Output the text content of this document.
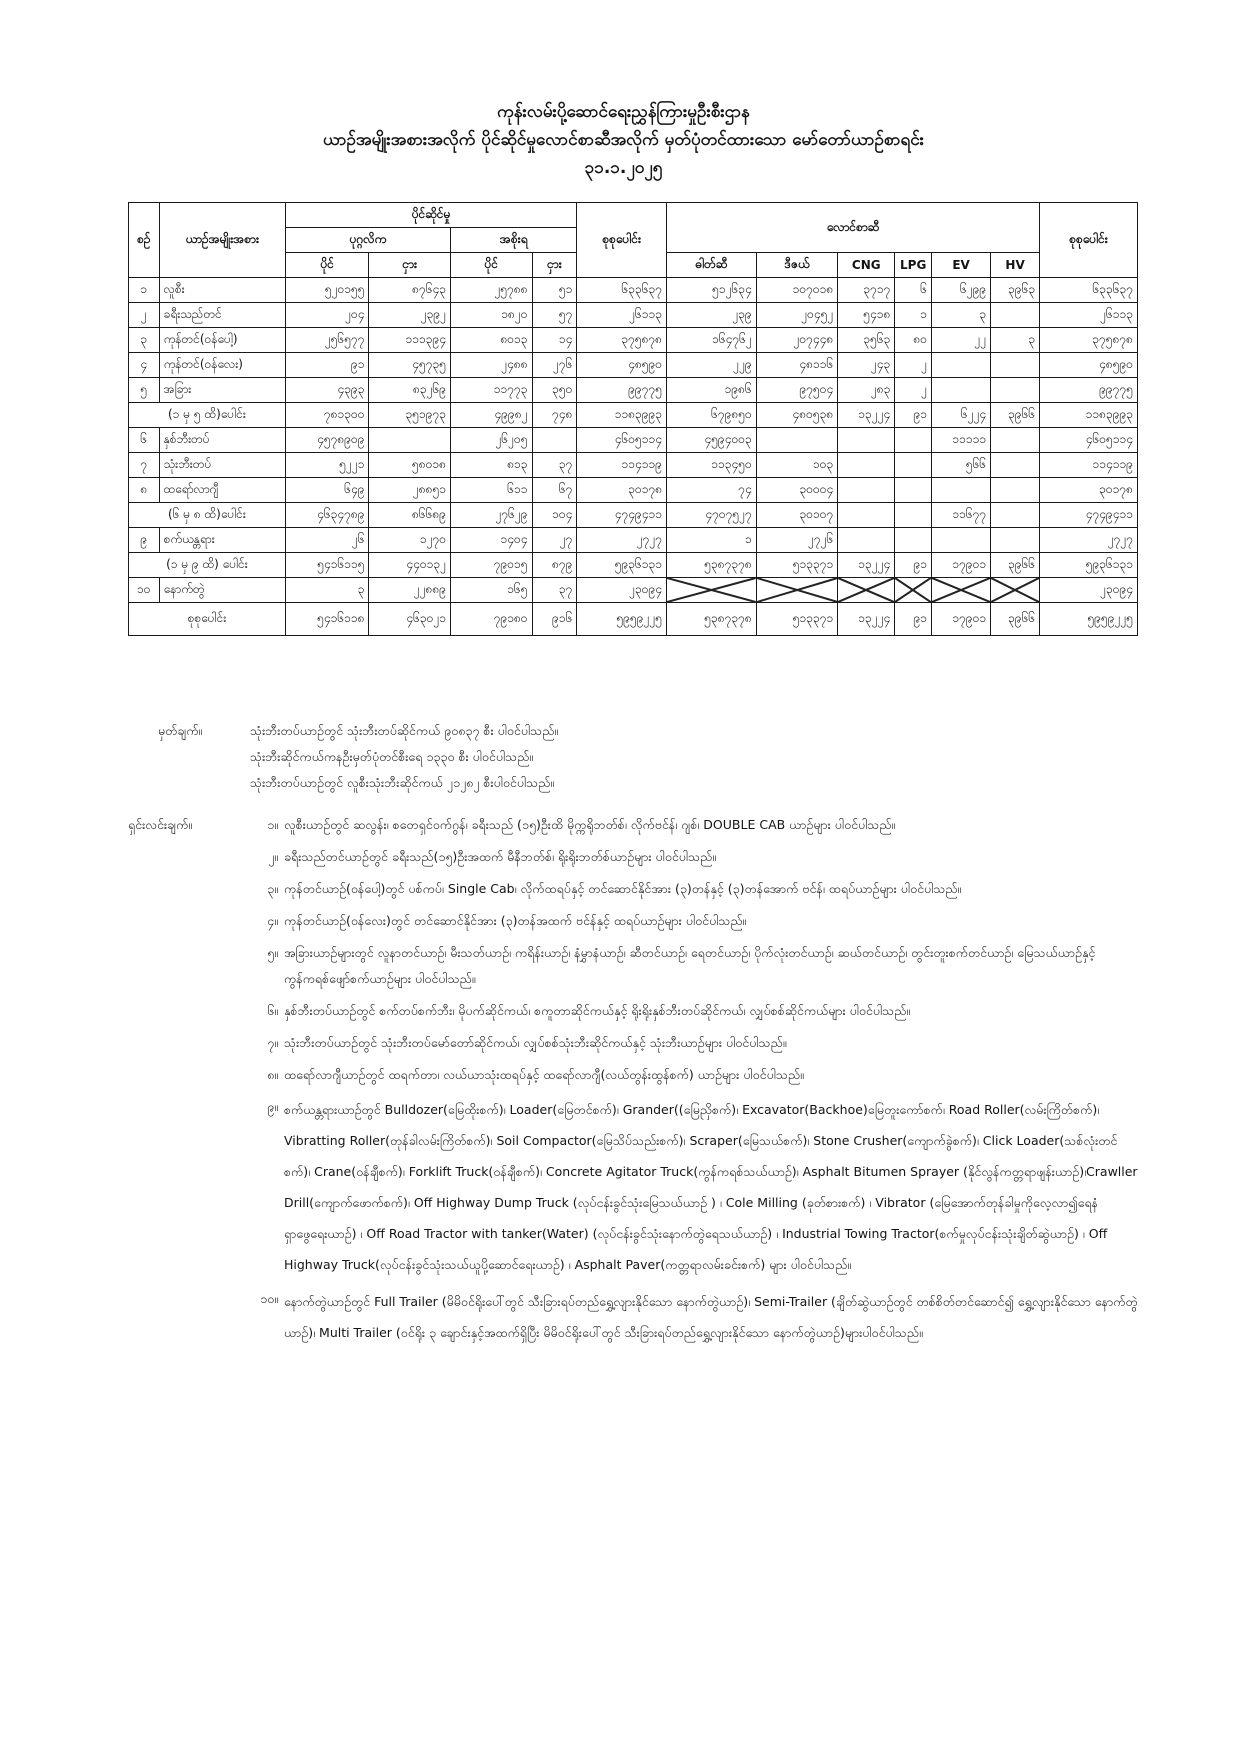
ကုန်းလမ်းပို့ဆောင်ရေးညွှန်ကြားမှုဦးစီးဌာန
ယာဉ်အမျိုးအစားအလိုက် ပိုင်ဆိုင်မှုလောင်စာဆီအလိုက် မှတ်ပုံတင်ထားသော မော်တော်ယာဉ်စာရင်း
၃၁.၁.၂၀၂၅
စဉ်	ယာဉ်အမျိုးအစား	ပိုင်ဆိုင်မှု				စုစုပေါင်း	လောင်စာဆီ						စုစုပေါင်း
		ပုဂ္ဂလိက		အစိုးရ									
		ပိုင်	ငှား	ပိုင်	ငှား		ဓါတ်ဆီ	ဒီဇယ်	CNG	LPG	EV	HV	
၁	လူစီး	၅၂၀၁၅၅	၈၇၆၄၃	၂၅၇၈၈	၅၁	၆၃၃၆၃၇	၅၁၂၆၃၄	၁၀၇၀၁၈	၃၇၁၇	၆	၆၂၉၉	၃၉၆၃	၆၃၃၆၃၇
၂	ခရီးသည်တင်	၂၀၄	၂၃၉၂	၁၈၂၀	၅၇	၂၆၁၁၃	၂၃၉	၂၀၄၅၂	၅၄၁၈	၁	၃		၂၆၁၁၃
၃	ကုန်တင်(ဝန်ပေါ့)	၂၅၆၅၇၇	၁၁၁၃၉၄	၈၀၁၃	၁၄	၃၇၅၈၇၈	၁၆၄၇၆၂	၂၀၇၄၄၈	၃၅၆၃	၈၀	၂၂	၃	၃၇၅၈၇၈
၄	ကုန်တင်(ဝန်လေး)	၉၁	၄၅၇၃၅	၂၄၈၈	၂၇၆	၄၈၅၉၀	၂၂၉	၄၈၁၁၆	၂၄၃	၂			၄၈၅၉၀
၅	အခြား	၄၃၉၃	၈၃၂၆၉	၁၁၇၇၃	၃၅၀	၉၉၇၇၅	၁၉၈၆	၉၇၅၀၄	၂၈၃	၂			၉၉၇၇၅
(၁ မှ ၅ ထိ)ပေါင်း		၇၈၁၃၀၀	၃၅၁၉၇၃	၄၉၉၈၂	၇၄၈	၁၁၈၃၉၉၃	၆၇၉၈၅၀	၄၈၀၅၃၈	၁၃၂၂၄	၉၁	၆၂၂၄	၃၉၆၆	၁၁၈၃၉၉၃
၆	နှစ်ဘီးတပ်	၄၅၇၈၉၀၉		၂၆၂၀၅		၄၆၀၅၁၁၄	၄၅၉၄၀၀၃				၁၁၁၁၁		၄၆၀၅၁၁၄
၇	သုံးဘီးတပ်	၅၂၂၁	၅၈၀၁၈	၈၁၃	၃၇	၁၁၄၁၁၉	၁၁၃၄၅၀	၁၀၃			၅၆၆		၁၁၄၁၁၉
၈	ထရော်လာဂျီ	၆၄၉	၂၈၈၅၁	၆၁၁	၆၇	၃၀၁၇၈	၇၄	၃၀၀၀၄					၃၀၁၇၈
(၆ မှ ၈ ထိ)ပေါင်း		၄၆၃၄၇၈၉	၈၆၆၈၉	၂၇၆၂၉	၁၀၄	၄၇၄၉၄၁၁	၄၇၀၇၅၂၇	၃၀၁၀၇			၁၁၆၇၇		၄၇၄၉၄၁၁
၉	စက်ယန္တရား	၂၆	၁၂၇၀	၁၄၀၄	၂၇	၂၇၂၇	၁	၂၇၂၆					၂၇၂၇
(၁ မှ ၉ ထိ) ပေါင်း		၅၄၁၆၁၁၅	၄၄၀၁၃၂	၇၉၀၁၅	၈၇၉	၅၉၃၆၁၃၁	၅၃၈၇၃၇၈	၅၁၃၃၇၁	၁၃၂၂၄	၉၁	၁၇၉၀၁	၃၉၆၆	၅၉၃၆၁၃၁
၁၀	နောက်တွဲ	၃	၂၂၈၈၉	၁၆၅	၃၇	၂၃၀၉၄							၂၃၀၉၄
စုစုပေါင်း		၅၄၁၆၁၁၈	၄၆၃၀၂၁	၇၉၁၈၀	၉၁၆	၅၉၅၉၂၂၅	၅၃၈၇၃၇၈	၅၁၃၃၇၁	၁၃၂၂၄	၉၁	၁၇၉၀၁	၃၉၆၆	၅၉၅၉၂၂၅
မှတ်ချက်။	သုံးဘီးတပ်ယာဉ်တွင် သုံးဘီးတပ်ဆိုင်ကယ် ၉၀၈၃၇ စီး ပါဝင်ပါသည်။
သုံးဘီးဆိုင်ကယ်ကနဦးမှတ်ပုံတင်စီးရေ ၁၃၃၀ စီး ပါဝင်ပါသည်။
သုံးဘီးတပ်ယာဉ်တွင် လူစီးသုံးဘီးဆိုင်ကယ် ၂၁၂၈၂ စီးပါဝင်ပါသည်။
ရှင်းလင်းချက်။	၁။ လူစီးယာဉ်တွင် ဆလွန်း၊ စတေရှင်ဝက်ဂွန်၊ ခရီးသည် (၁၅)ဦးထိ မိုက္ကရိုဘတ်စ်၊ လိုက်ဗင်န်၊ ဂျစ်၊ DOUBLE CAB ယာဉ်များ ပါဝင်ပါသည်။
၂။ ခရီးသည်တင်ယာဉ်တွင် ခရီးသည်(၁၅)ဦးအထက် မီနီဘတ်စ်၊ ရိုးရိုးဘတ်စ်ယာဉ်များ ပါဝင်ပါသည်။
၃။ ကုန်တင်ယာဉ်(ဝန်ပေါ့)တွင် ပစ်ကပ်၊ Single Cab၊ လိုက်ထရပ်နှင့် တင်ဆောင်နိုင်အား (၃)တန်နှင့် (၃)တန်အောက် ဗင်န်၊ ထရပ်ယာဉ်များ ပါဝင်ပါသည်။
၄။ ကုန်တင်ယာဉ်(ဝန်လေး)တွင် တင်ဆောင်နိုင်အား (၃)တန်အထက် ဗင်န်နှင့် ထရပ်ယာဉ်များ ပါဝင်ပါသည်။
၅။ အခြားယာဉ်များတွင် လူနာတင်ယာဉ်၊ မီးသတ်ယာဉ်၊ ကရိန်းယာဉ်၊ နံမွှာနံယာဉ်၊ ဆီတင်ယာဉ်၊ ရေတင်ယာဉ်၊ ပိုက်လုံးတင်ယာဉ်၊ ဆယ်တင်ယာဉ်၊ တွင်းတူးစက်တင်ယာဉ်၊ မြေသယ်ယာဉ်နှင့် ကွန်ကရစ်ဖျော်စက်ယာဉ်များ ပါဝင်ပါသည်။
၆။ နှစ်ဘီးတပ်ယာဉ်တွင် စက်တပ်စက်ဘီး၊ မိုပက်ဆိုင်ကယ်၊ စကူတာဆိုင်ကယ်နှင့် ရိုးရိုးနှစ်ဘီးတပ်ဆိုင်ကယ်၊ လျှပ်စစ်ဆိုင်ကယ်များ ပါဝင်ပါသည်။
၇။ သုံးဘီးတပ်ယာဉ်တွင် သုံးဘီးတပ်မော်တော်ဆိုင်ကယ်၊ လျှပ်စစ်သုံးဘီးဆိုင်ကယ်နှင့် သုံးဘီးယာဉ်များ ပါဝင်ပါသည်။
၈။ ထရော်လာဂျီယာဉ်တွင် ထရက်တာ၊ လယ်ယာသုံးထရပ်နှင့် ထရော်လာဂျီ(လယ်တွန်းထွန်စက်) ယာဉ်များ ပါဝင်ပါသည်။
၉။ စက်ယန္တရားယာဉ်တွင် Bulldozer(မြေထိုးစက်)၊ Loader(မြေတင်စက်)၊ Grander((မြေညှိစက်)၊ Excavator(Backhoe)မြေတူးကော်စက်၊ Road Roller(လမ်းကြိတ်စက်)၊ Vibratting Roller(တုန်ခါလမ်းကြိတ်စက်)၊ Soil Compactor(မြေသိပ်သည်းစက်)၊ Scraper(မြေသယ်စက်)၊ Stone Crusher(ကျောက်ခွဲစက်)၊ Click Loader(သစ်လုံးတင်စက်)၊ Crane(ဝန်ချီစက်)၊ Forklift Truck(ဝန်ချီစက်)၊ Concrete Agitator Truck(ကွန်ကရစ်သယ်ယာဉ်)၊ Asphalt Bitumen Sprayer (နိုင်လွန်ကတ္တရာဖျန်းယာဉ်)၊Crawller Drill(ကျောက်ဖောက်စက်)၊ Off Highway Dump Truck (လုပ်ငန်းခွင်သုံးမြေသယ်ယာဉ် ) ၊ Cole Milling (ခုတ်စားစက်) ၊ Vibrator (မြေအောက်တုန်ခါမှုကိုလေ့လာ၍ရေနံရှာဖွေရေးယာဉ်) ၊ Off Road Tractor with tanker(Water) (လုပ်ငန်းခွင်သုံးနောက်တွဲရေသယ်ယာဉ်) ၊ Industrial Towing Tractor(စက်မှုလုပ်ငန်းသုံးချိတ်ဆွဲယာဉ်) ၊ Off Highway Truck(လုပ်ငန်းခွင်သုံးသယ်ယူပို့ဆောင်ရေးယာဉ်) ၊ Asphalt Paver(ကတ္တရာလမ်းခင်းစက်) များ ပါဝင်ပါသည်။
၁၀။ နောက်တွဲယာဉ်တွင် Full Trailer (မိမိဝင်ရိုးပေါ်တွင် သီးခြားရပ်တည်ရွှေ့လျားနိုင်သော နောက်တွဲယာဉ်)၊ Semi-Trailer (ချိတ်ဆွဲယာဉ်တွင် တစ်စိတ်တင်ဆောင်၍ ရွှေ့လျားနိုင်သော နောက်တွဲယာဉ်)၊ Multi Trailer (ဝင်ရိုး ၃ ချောင်းနှင့်အထက်ရှိပြီး မိမိဝင်ရိုးပေါ်တွင် သီးခြားရပ်တည်ရွှေ့လျားနိုင်သော နောက်တွဲယာဉ်)များပါဝင်ပါသည်။
